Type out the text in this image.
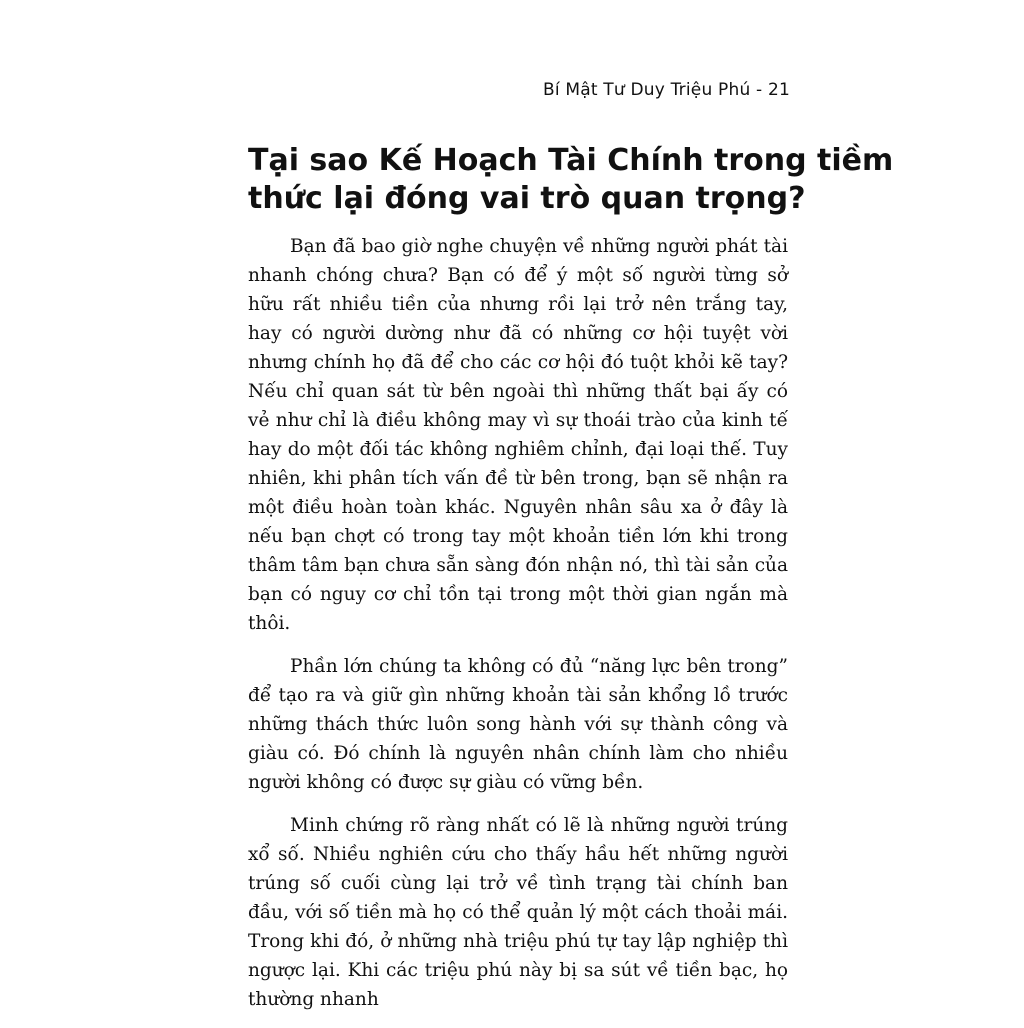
Bí Mật Tư Duy Triệu Phú - 21
Tại sao Kế Hoạch Tài Chính trong tiềm
thức lại đóng vai trò quan trọng?

Bạn đã bao giờ nghe chuyện về những người phát tài nhanh chóng chưa? Bạn có để ý một số người từng sở hữu rất nhiều tiền của nhưng rồi lại trở nên trắng tay, hay có người dường như đã có những cơ hội tuyệt vời nhưng chính họ đã để cho các cơ hội đó tuột khỏi kẽ tay? Nếu chỉ quan sát từ bên ngoài thì những thất bại ấy có vẻ như chỉ là điều không may vì sự thoái trào của kinh tế hay do một đối tác không nghiêm chỉnh, đại loại thế. Tuy nhiên, khi phân tích vấn đề từ bên trong, bạn sẽ nhận ra một điều hoàn toàn khác. Nguyên nhân sâu xa ở đây là nếu bạn chợt có trong tay một khoản tiền lớn khi trong thâm tâm bạn chưa sẵn sàng đón nhận nó, thì tài sản của bạn có nguy cơ chỉ tồn tại trong một thời gian ngắn mà thôi.

Phần lớn chúng ta không có đủ “năng lực bên trong” để tạo ra và giữ gìn những khoản tài sản khổng lồ trước những thách thức luôn song hành với sự thành công và giàu có. Đó chính là nguyên nhân chính làm cho nhiều người không có được sự giàu có vững bền.

Minh chứng rõ ràng nhất có lẽ là những người trúng xổ số. Nhiều nghiên cứu cho thấy hầu hết những người trúng số cuối cùng lại trở về tình trạng tài chính ban đầu, với số tiền mà họ có thể quản lý một cách thoải mái. Trong khi đó, ở những nhà triệu phú tự tay lập nghiệp thì ngược lại. Khi các triệu phú này bị sa sút về tiền bạc, họ thường nhanh
